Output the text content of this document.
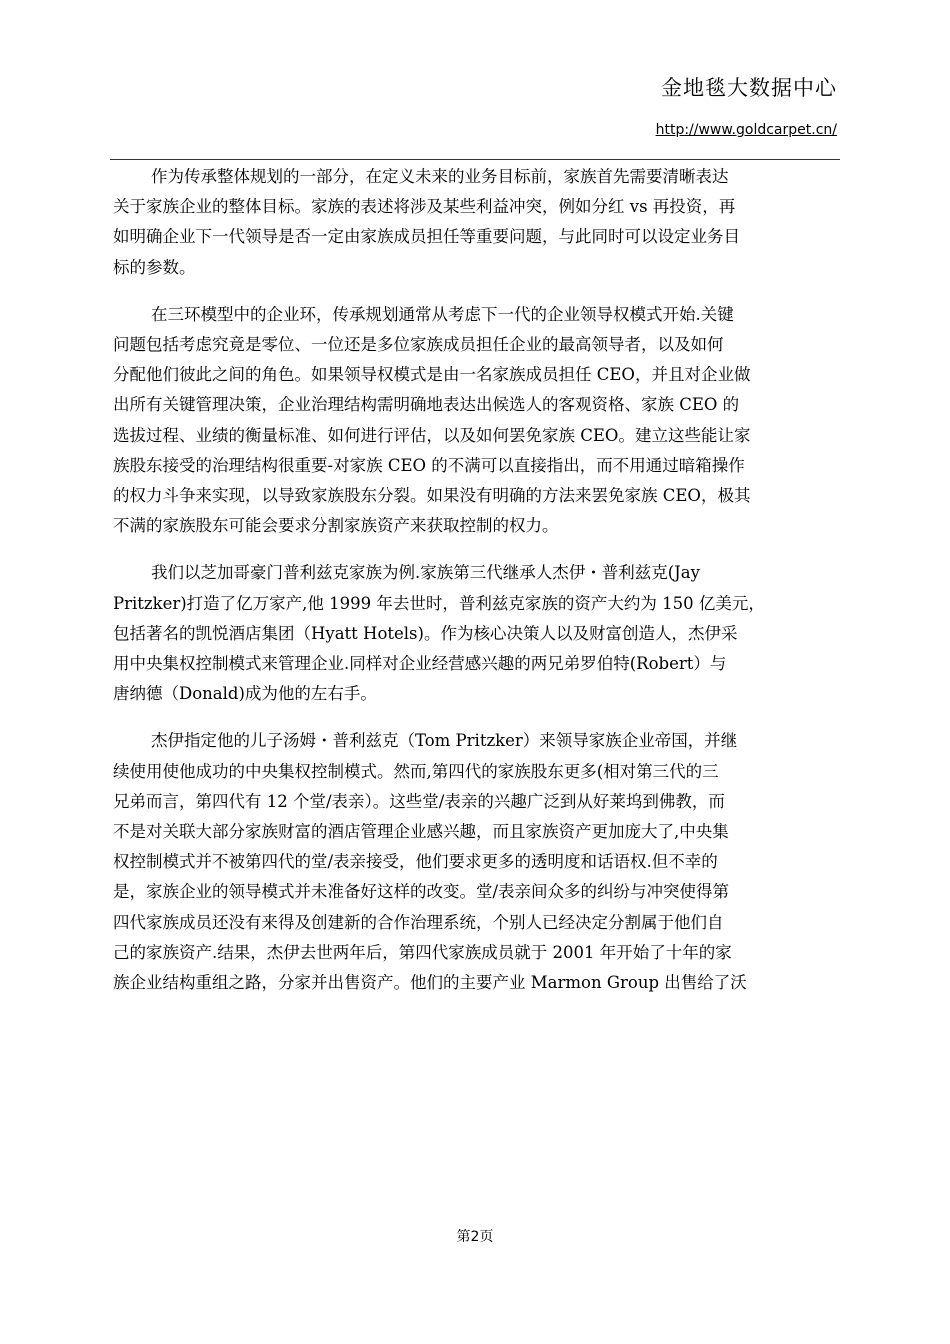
金地毯大数据中心
http://www.goldcarpet.cn/
作为传承整体规划的一部分，在定义未来的业务目标前，家族首先需要清晰表达
关于家族企业的整体目标。家族的表述将涉及某些利益冲突，例如分红 vs 再投资，再
如明确企业下一代领导是否一定由家族成员担任等重要问题，与此同时可以设定业务目
标的参数。
在三环模型中的企业环，传承规划通常从考虑下一代的企业领导权模式开始.关键
问题包括考虑究竟是零位、一位还是多位家族成员担任企业的最高领导者，以及如何
分配他们彼此之间的角色。如果领导权模式是由一名家族成员担任 CEO，并且对企业做
出所有关键管理决策，企业治理结构需明确地表达出候选人的客观资格、家族 CEO 的
选拔过程、业绩的衡量标准、如何进行评估，以及如何罢免家族 CEO。建立这些能让家
族股东接受的治理结构很重要-对家族 CEO 的不满可以直接指出，而不用通过暗箱操作
的权力斗争来实现，以导致家族股东分裂。如果没有明确的方法来罢免家族 CEO，极其
不满的家族股东可能会要求分割家族资产来获取控制的权力。
我们以芝加哥豪门普利兹克家族为例.家族第三代继承人杰伊・普利兹克(Jay
Pritzker)打造了亿万家产,他 1999 年去世时，普利兹克家族的资产大约为 150 亿美元，
包括著名的凯悦酒店集团（Hyatt Hotels)。作为核心决策人以及财富创造人，杰伊采
用中央集权控制模式来管理企业.同样对企业经营感兴趣的两兄弟罗伯特(Robert）与
唐纳德（Donald)成为他的左右手。
杰伊指定他的儿子汤姆・普利兹克（Tom Pritzker）来领导家族企业帝国，并继
续使用使他成功的中央集权控制模式。然而,第四代的家族股东更多(相对第三代的三
兄弟而言，第四代有 12 个堂/表亲）。这些堂/表亲的兴趣广泛到从好莱坞到佛教，而
不是对关联大部分家族财富的酒店管理企业感兴趣，而且家族资产更加庞大了,中央集
权控制模式并不被第四代的堂/表亲接受，他们要求更多的透明度和话语权.但不幸的
是，家族企业的领导模式并未准备好这样的改变。堂/表亲间众多的纠纷与冲突使得第
四代家族成员还没有来得及创建新的合作治理系统，个别人已经决定分割属于他们自
己的家族资产.结果，杰伊去世两年后，第四代家族成员就于 2001 年开始了十年的家
族企业结构重组之路，分家并出售资产。他们的主要产业 Marmon Group 出售给了沃
第2页
